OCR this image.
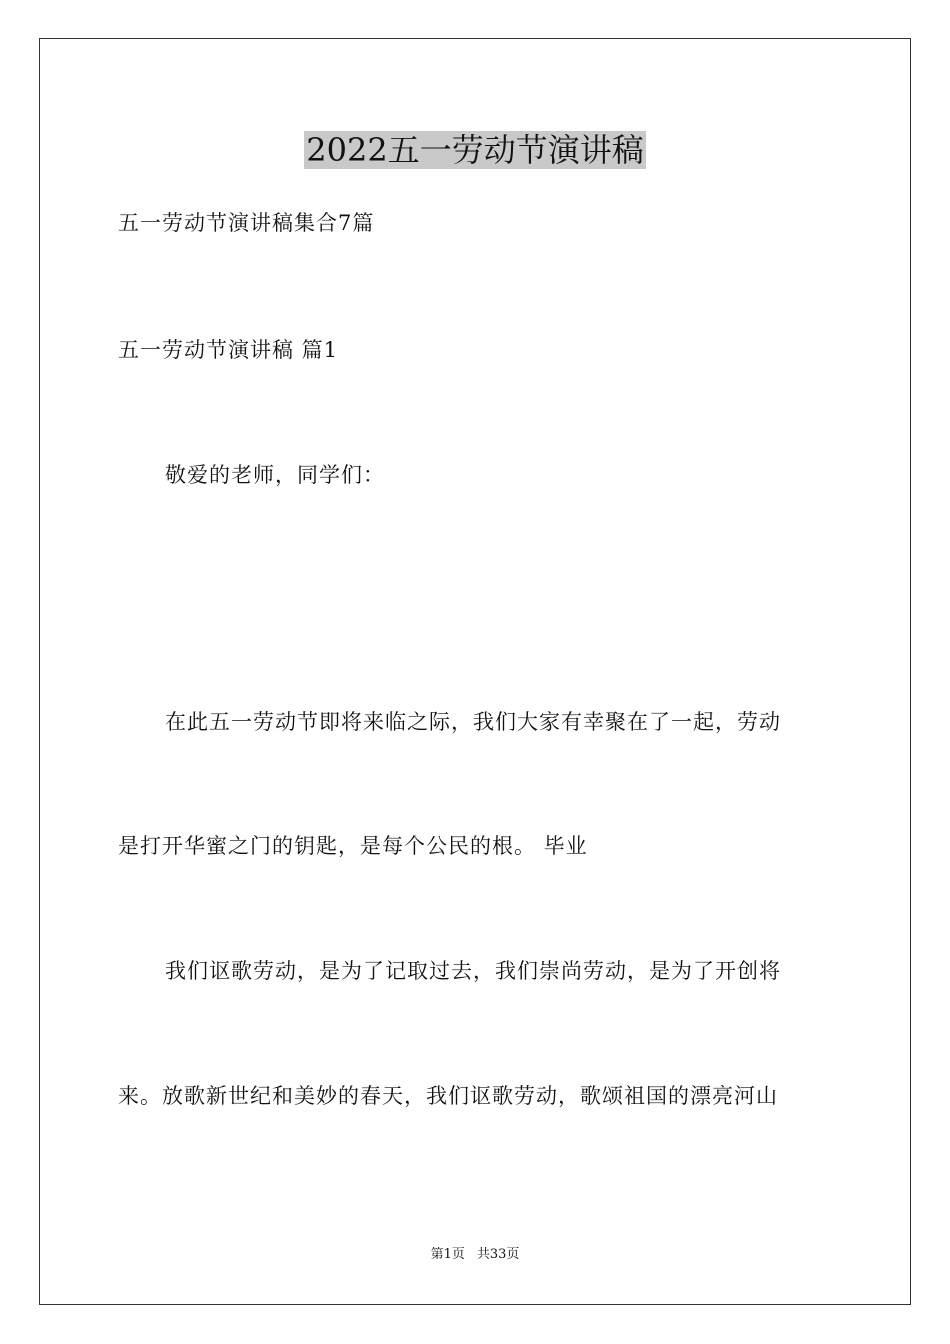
2022五一劳动节演讲稿
五一劳动节演讲稿集合7篇
五一劳动节演讲稿 篇1
敬爱的老师，同学们：
在此五一劳动节即将来临之际，我们大家有幸聚在了一起，劳动
是打开华蜜之门的钥匙，是每个公民的根。 毕业
我们讴歌劳动，是为了记取过去，我们崇尚劳动，是为了开创将
来。放歌新世纪和美妙的春天，我们讴歌劳动，歌颂祖国的漂亮河山
第1页 共33页
